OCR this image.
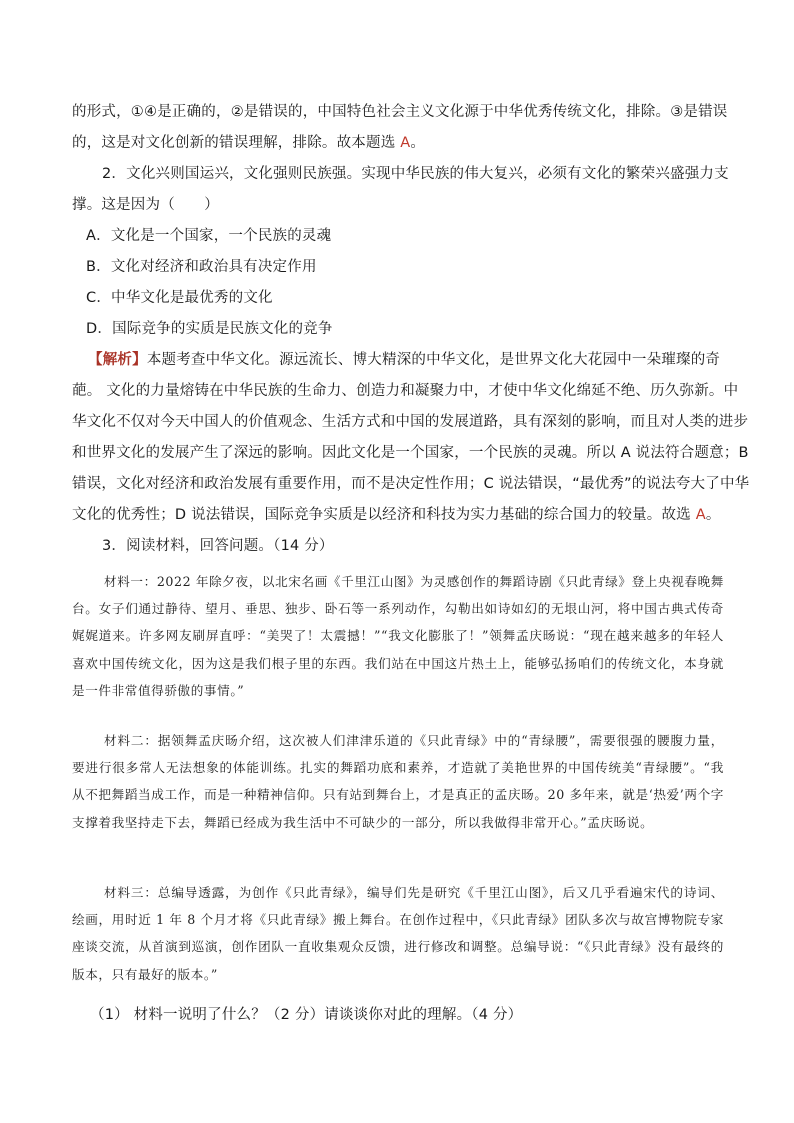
的形式，①④是正确的，②是错误的，中国特色社会主义文化源于中华优秀传统文化，排除。③是错误
的，这是对文化创新的错误理解，排除。故本题选 A。
2．文化兴则国运兴，文化强则民族强。实现中华民族的伟大复兴，必须有文化的繁荣兴盛强力支
撑。这是因为（　　）
A．文化是一个国家，一个民族的灵魂
B．文化对经济和政治具有决定作用
C．中华文化是最优秀的文化
D．国际竞争的实质是民族文化的竞争
【解析】本题考查中华文化。源远流长、博大精深的中华文化，是世界文化大花园中一朵璀璨的奇
葩。 文化的力量熔铸在中华民族的生命力、创造力和凝聚力中，才使中华文化绵延不绝、历久弥新。中
华文化不仅对今天中国人的价值观念、生活方式和中国的发展道路，具有深刻的影响，而且对人类的进步
和世界文化的发展产生了深远的影响。因此文化是一个国家，一个民族的灵魂。所以 A 说法符合题意；B
错误，文化对经济和政治发展有重要作用，而不是决定性作用；C 说法错误，“最优秀”的说法夸大了中华
文化的优秀性；D 说法错误，国际竞争实质是以经济和科技为实力基础的综合国力的较量。故选 A。
3．阅读材料，回答问题。（14 分）
材料一：2022 年除夕夜，以北宋名画《千里江山图》为灵感创作的舞蹈诗剧《只此青绿》登上央视春晚舞台。女子们通过静待、望月、垂思、独步、卧石等一系列动作，勾勒出如诗如幻的无垠山河，将中国古典式传奇娓娓道来。许多网友刷屏直呼：“美哭了！太震撼！”“我文化膨胀了！”领舞孟庆旸说：“现在越来越多的年轻人喜欢中国传统文化，因为这是我们根子里的东西。我们站在中国这片热土上，能够弘扬咱们的传统文化，本身就是一件非常值得骄傲的事情。”
材料二：据领舞孟庆旸介绍，这次被人们津津乐道的《只此青绿》中的“青绿腰”，需要很强的腰腹力量，要进行很多常人无法想象的体能训练。扎实的舞蹈功底和素养，才造就了美艳世界的中国传统美“青绿腰”。“我从不把舞蹈当成工作，而是一种精神信仰。只有站到舞台上，才是真正的孟庆旸。20 多年来，就是‘热爱’两个字支撑着我坚持走下去，舞蹈已经成为我生活中不可缺少的一部分，所以我做得非常开心。”孟庆旸说。
材料三：总编导透露，为创作《只此青绿》，编导们先是研究《千里江山图》，后又几乎看遍宋代的诗词、绘画，用时近 1 年 8 个月才将《只此青绿》搬上舞台。在创作过程中，《只此青绿》团队多次与故宫博物院专家座谈交流，从首演到巡演，创作团队一直收集观众反馈，进行修改和调整。总编导说：“《只此青绿》没有最终的版本，只有最好的版本。”
（1） 材料一说明了什么？（2 分）请谈谈你对此的理解。（4 分）
